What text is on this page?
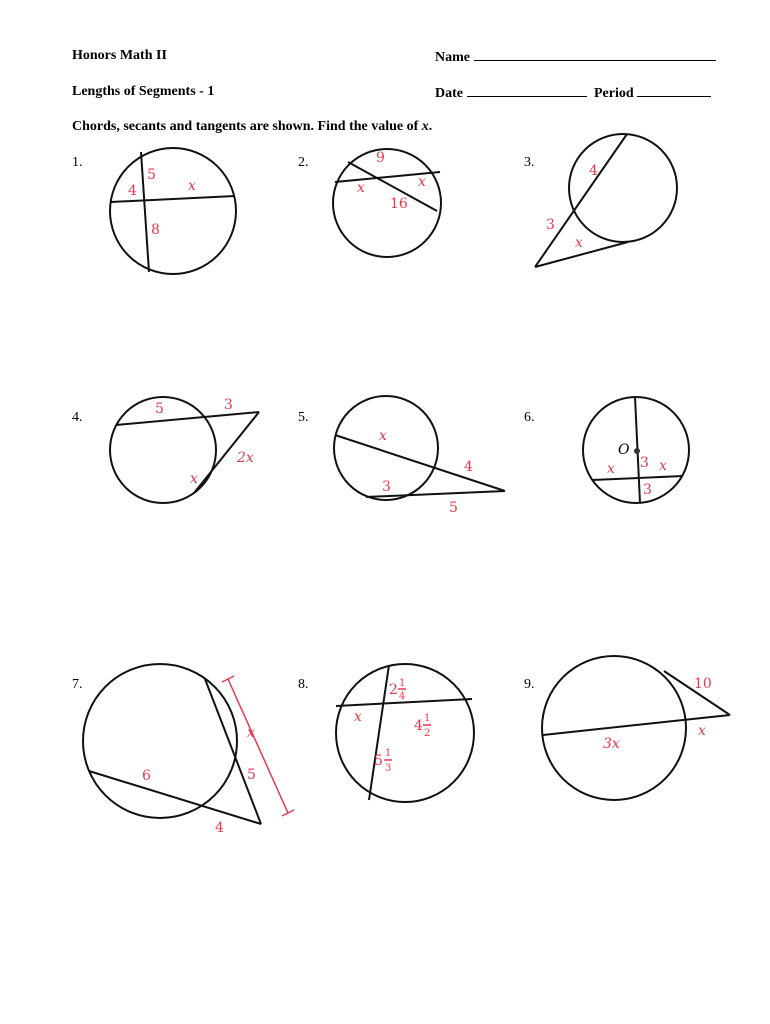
Honors Math II
Lengths of Segments - 1
Name
Date	Period
Chords, secants and tangents are shown. Find the value of x.
1.	2.	3.
4.	5.	6.
7.	8.	9.
5
4	x
8
9
x	x
16
4
3
x
5	3
2x
x
x
4
3
5
O
x 3 x
3
x
5
6
4
2 1
4
x
4 1
2
5 1
3
10
3x
x
